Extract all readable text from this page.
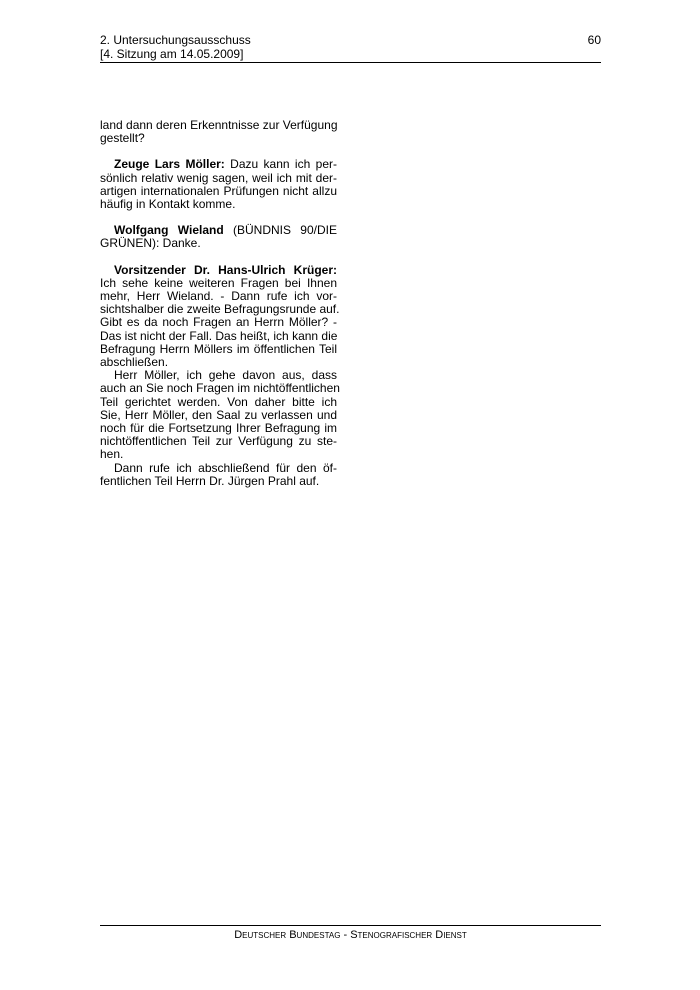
2. Untersuchungsausschuss
[4. Sitzung am 14.05.2009]
60

land dann deren Erkenntnisse zur Verfügung
gestellt?

   Zeuge Lars Möller: Dazu kann ich per-
sönlich relativ wenig sagen, weil ich mit der-
artigen internationalen Prüfungen nicht allzu
häufig in Kontakt komme.

   Wolfgang Wieland (BÜNDNIS 90/DIE
GRÜNEN): Danke.

   Vorsitzender Dr. Hans-Ulrich Krüger:
Ich sehe keine weiteren Fragen bei Ihnen
mehr, Herr Wieland. - Dann rufe ich vor-
sichtshalber die zweite Befragungsrunde auf.
Gibt es da noch Fragen an Herrn Möller? -
Das ist nicht der Fall. Das heißt, ich kann die
Befragung Herrn Möllers im öffentlichen Teil
abschließen.

   Herr Möller, ich gehe davon aus, dass
auch an Sie noch Fragen im nichtöffentlichen
Teil gerichtet werden. Von daher bitte ich
Sie, Herr Möller, den Saal zu verlassen und
noch für die Fortsetzung Ihrer Befragung im
nichtöffentlichen Teil zur Verfügung zu ste-
hen.

   Dann rufe ich abschließend für den öf-
fentlichen Teil Herrn Dr. Jürgen Prahl auf.

Deutscher Bundestag - Stenografischer Dienst
